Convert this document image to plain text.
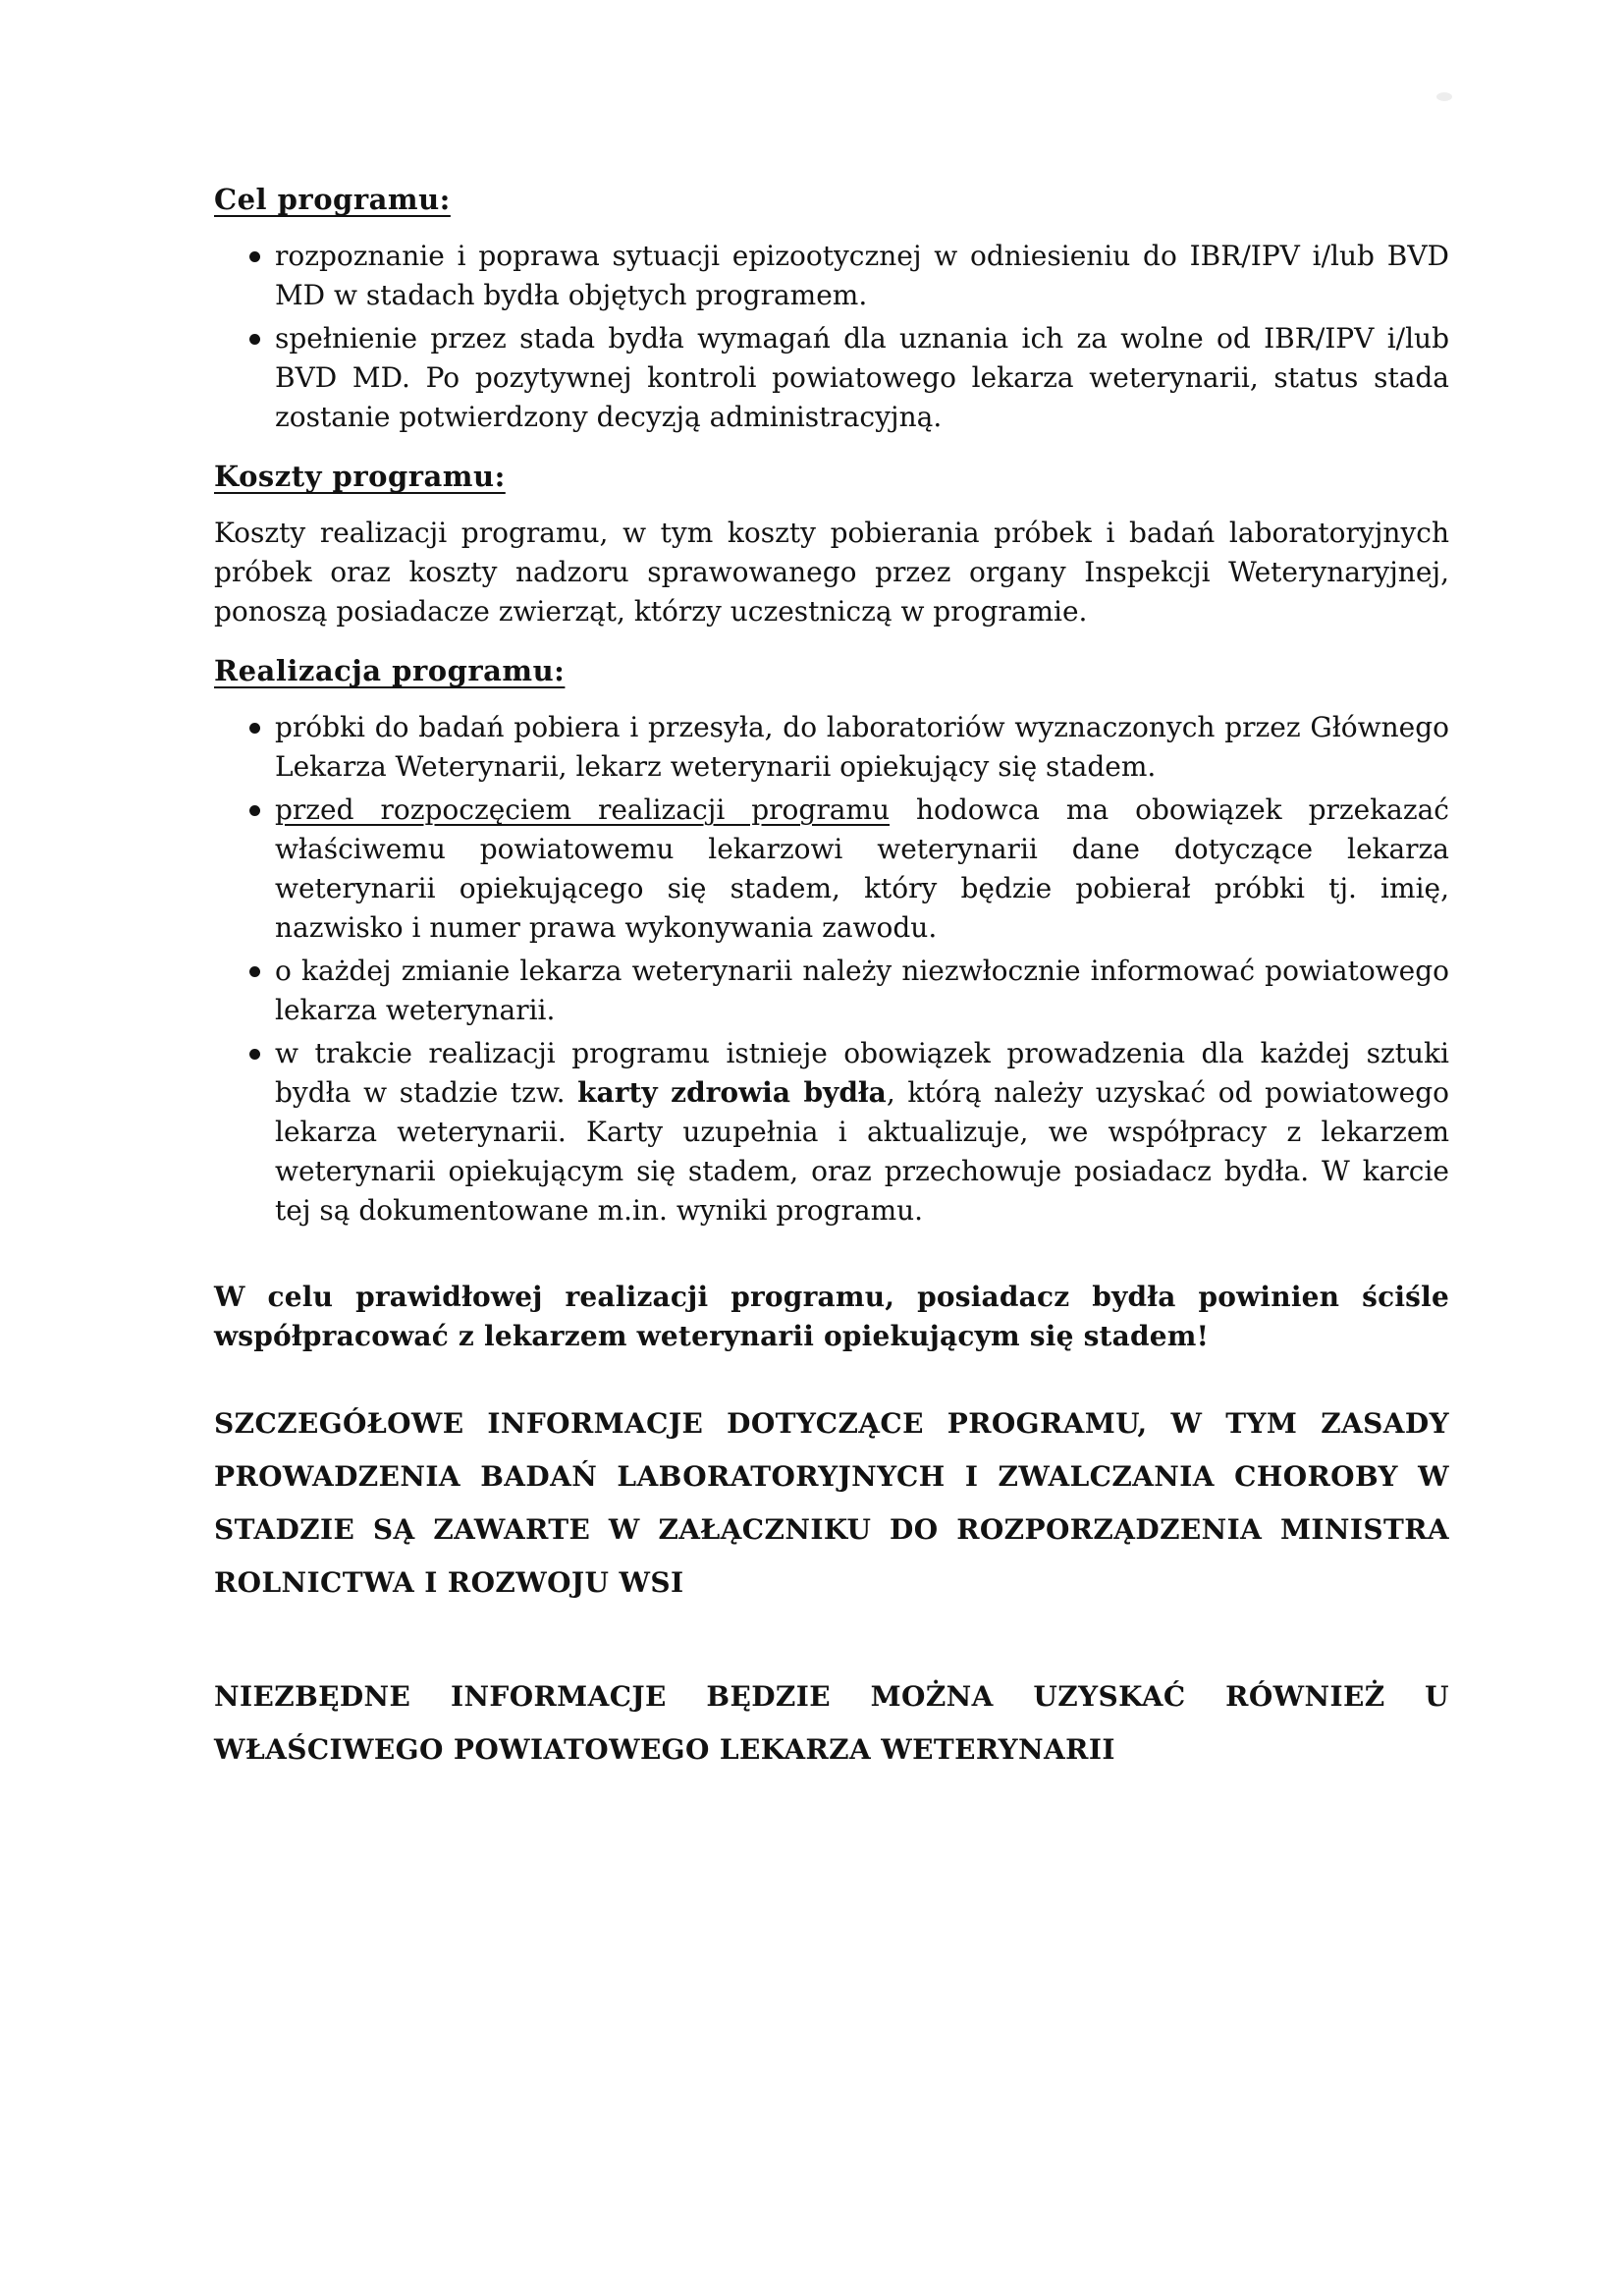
Cel programu:
rozpoznanie i poprawa sytuacji epizootycznej w odniesieniu do IBR/IPV i/lub BVD MD w stadach bydła objętych programem.
spełnienie przez stada bydła wymagań dla uznania ich za wolne od IBR/IPV i/lub BVD MD. Po pozytywnej kontroli powiatowego lekarza weterynarii, status stada zostanie potwierdzony decyzją administracyjną.
Koszty programu:

Koszty realizacji programu, w tym koszty pobierania próbek i badań laboratoryjnych próbek oraz koszty nadzoru sprawowanego przez organy Inspekcji Weterynaryjnej, ponoszą posiadacze zwierząt, którzy uczestniczą w programie.

Realizacja programu:
próbki do badań pobiera i przesyła, do laboratoriów wyznaczonych przez Głównego Lekarza Weterynarii, lekarz weterynarii opiekujący się stadem.
przed rozpoczęciem realizacji programu hodowca ma obowiązek przekazać właściwemu powiatowemu lekarzowi weterynarii dane dotyczące lekarza weterynarii opiekującego się stadem, który będzie pobierał próbki tj. imię, nazwisko i numer prawa wykonywania zawodu.
o każdej zmianie lekarza weterynarii należy niezwłocznie informować powiatowego lekarza weterynarii.
w trakcie realizacji programu istnieje obowiązek prowadzenia dla każdej sztuki bydła w stadzie tzw. karty zdrowia bydła, którą należy uzyskać od powiatowego lekarza weterynarii. Karty uzupełnia i aktualizuje, we współpracy z lekarzem weterynarii opiekującym się stadem, oraz przechowuje posiadacz bydła. W karcie tej są dokumentowane m.in. wyniki programu.

W celu prawidłowej realizacji programu, posiadacz bydła powinien ściśle współpracować z lekarzem weterynarii opiekującym się stadem!

SZCZEGÓŁOWE INFORMACJE DOTYCZĄCE PROGRAMU, W TYM ZASADY PROWADZENIA BADAŃ LABORATORYJNYCH I ZWALCZANIA CHOROBY W STADZIE SĄ ZAWARTE W ZAŁĄCZNIKU DO ROZPORZĄDZENIA MINISTRA ROLNICTWA I ROZWOJU WSI

NIEZBĘDNE INFORMACJE BĘDZIE MOŻNA UZYSKAĆ RÓWNIEŻ U WŁAŚCIWEGO POWIATOWEGO LEKARZA WETERYNARII
